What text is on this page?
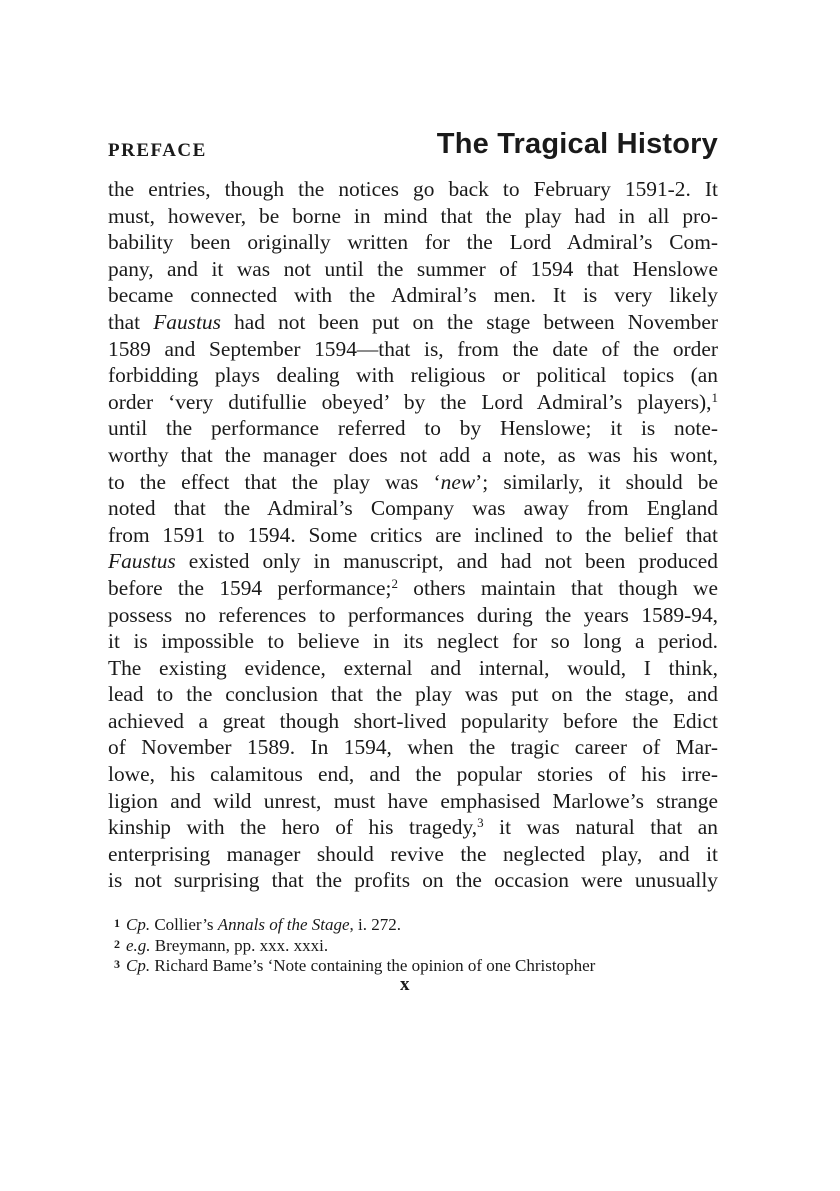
PREFACE	The Tragical History
the entries, though the notices go back to February 1591-2. It
must, however, be borne in mind that the play had in all pro-
bability been originally written for the Lord Admiral’s Com-
pany, and it was not until the summer of 1594 that Henslowe
became connected with the Admiral’s men. It is very likely
that Faustus had not been put on the stage between November
1589 and September 1594—that is, from the date of the order
forbidding plays dealing with religious or political topics (an
order ‘very dutifullie obeyed’ by the Lord Admiral’s players),$^1$
until the performance referred to by Henslowe; it is note-
worthy that the manager does not add a note, as was his wont,
to the effect that the play was ‘new’; similarly, it should be
noted that the Admiral’s Company was away from England
from 1591 to 1594. Some critics are inclined to the belief that
Faustus existed only in manuscript, and had not been produced
before the 1594 performance;$^2$ others maintain that though we
possess no references to performances during the years 1589-94,
it is impossible to believe in its neglect for so long a period.
The existing evidence, external and internal, would, I think,
lead to the conclusion that the play was put on the stage, and
achieved a great though short-lived popularity before the Edict
of November 1589. In 1594, when the tragic career of Mar-
lowe, his calamitous end, and the popular stories of his irre-
ligion and wild unrest, must have emphasised Marlowe’s strange
kinship with the hero of his tragedy,$^3$ it was natural that an
enterprising manager should revive the neglected play, and it
is not surprising that the profits on the occasion were unusually
1 Cp. Collier’s Annals of the Stage, i. 272.
2 e.g. Breymann, pp. xxx. xxxi.
3 Cp. Richard Bame’s ‘Note containing the opinion of one Christopher
x
